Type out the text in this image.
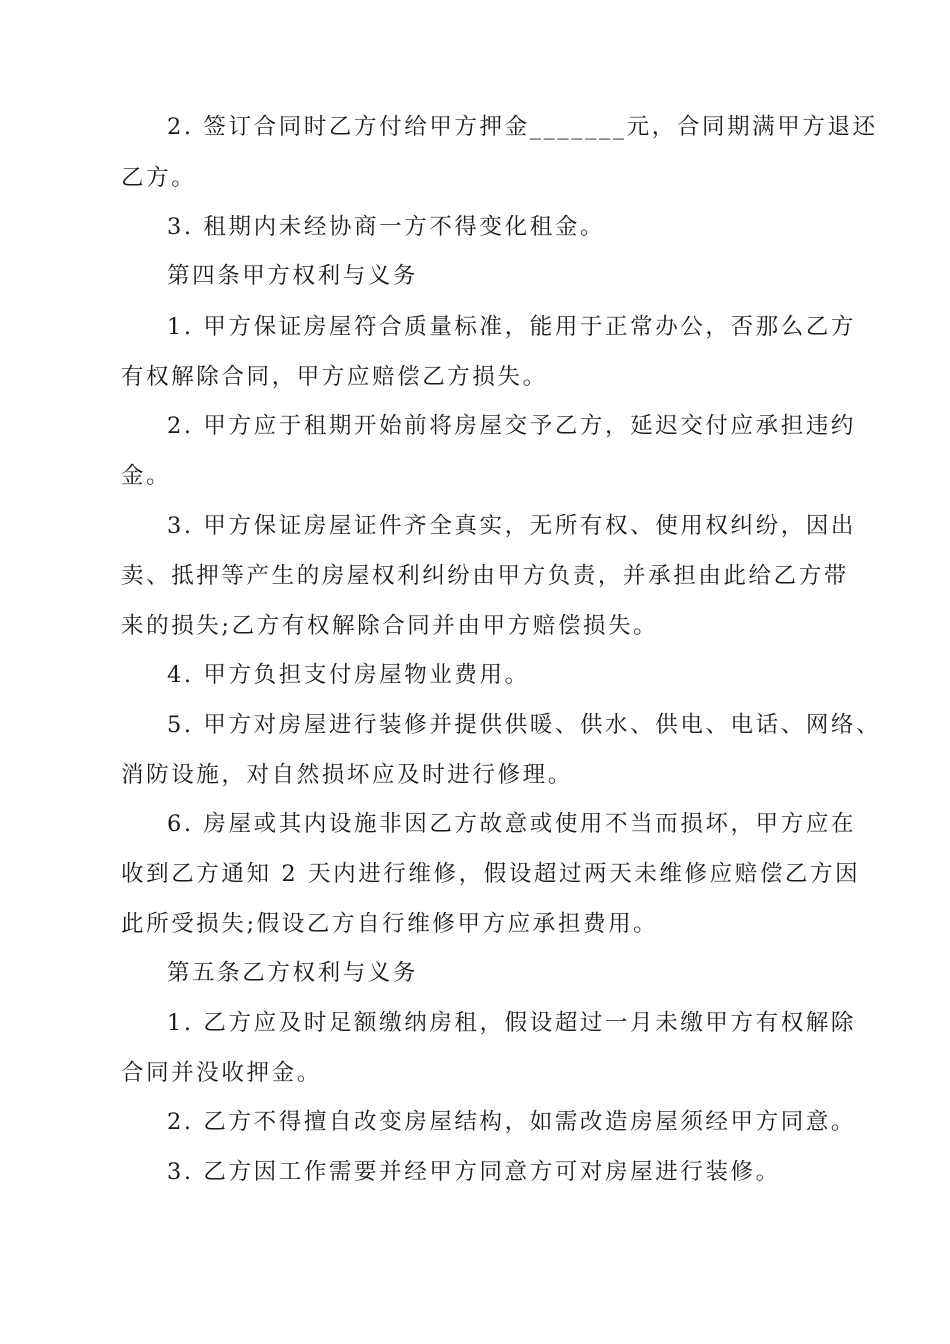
2. 签订合同时乙方付给甲方押金_______元，合同期满甲方退还
乙方。
3. 租期内未经协商一方不得变化租金。
第四条甲方权利与义务
1. 甲方保证房屋符合质量标准，能用于正常办公，否那么乙方
有权解除合同，甲方应赔偿乙方损失。
2. 甲方应于租期开始前将房屋交予乙方，延迟交付应承担违约
金。
3. 甲方保证房屋证件齐全真实，无所有权、使用权纠纷，因出
卖、抵押等产生的房屋权利纠纷由甲方负责，并承担由此给乙方带
来的损失;乙方有权解除合同并由甲方赔偿损失。
4. 甲方负担支付房屋物业费用。
5. 甲方对房屋进行装修并提供供暖、供水、供电、电话、网络、
消防设施，对自然损坏应及时进行修理。
6. 房屋或其内设施非因乙方故意或使用不当而损坏，甲方应在
收到乙方通知 2 天内进行维修，假设超过两天未维修应赔偿乙方因
此所受损失;假设乙方自行维修甲方应承担费用。
第五条乙方权利与义务
1. 乙方应及时足额缴纳房租，假设超过一月未缴甲方有权解除
合同并没收押金。
2. 乙方不得擅自改变房屋结构，如需改造房屋须经甲方同意。
3. 乙方因工作需要并经甲方同意方可对房屋进行装修。
